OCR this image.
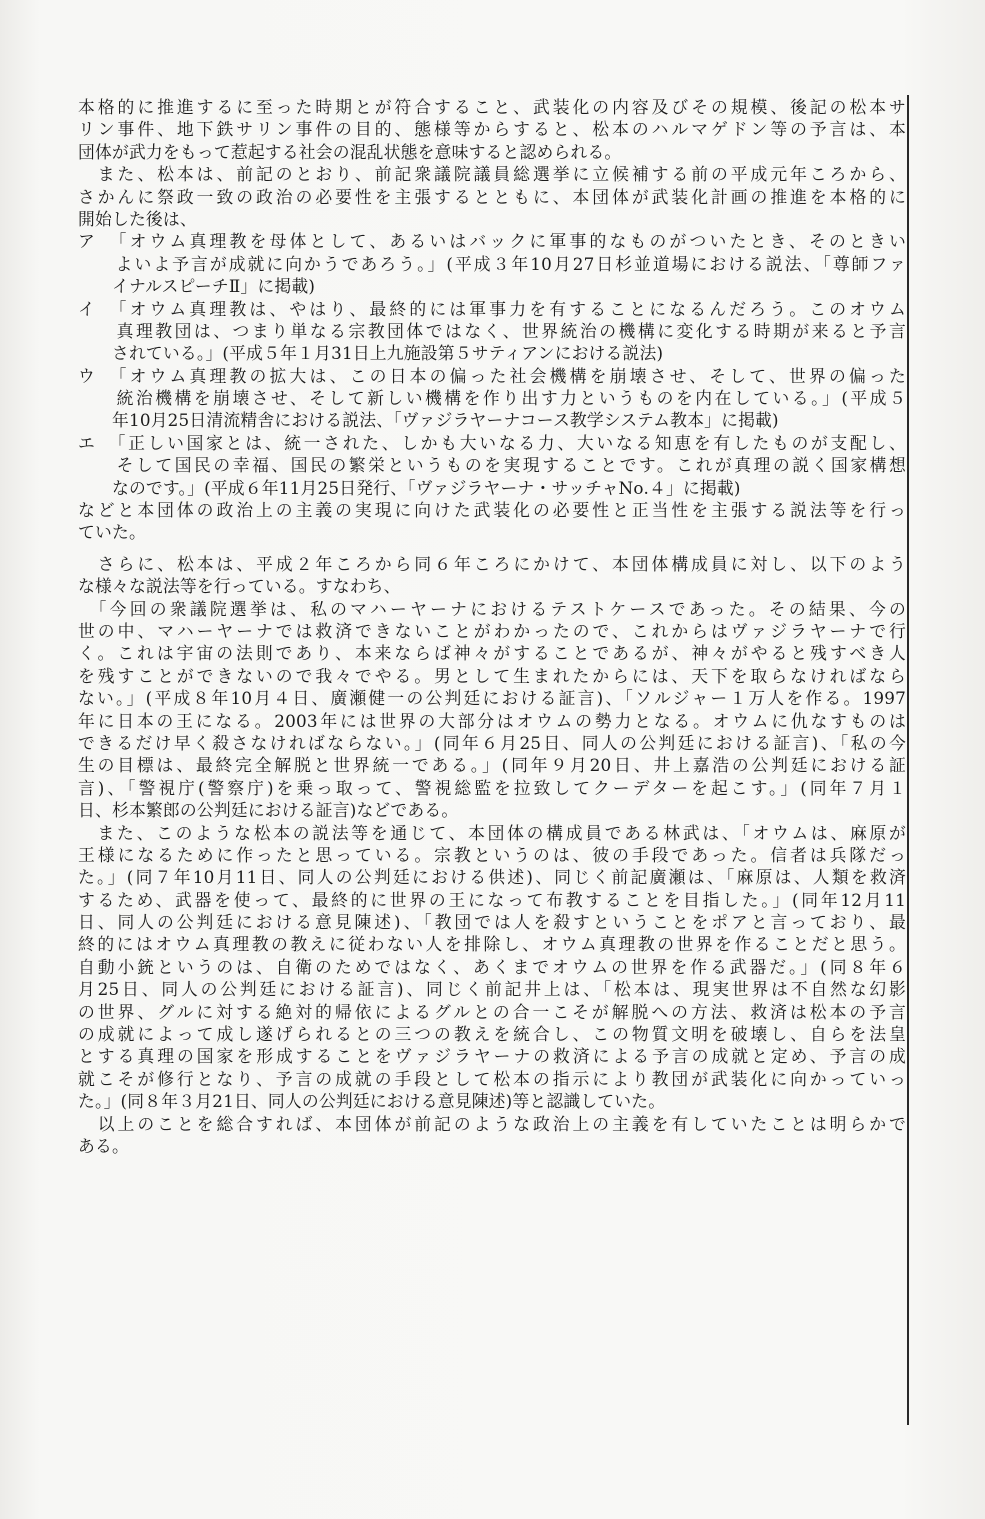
本格的に推進するに至った時期とが符合すること、武装化の内容及びその規模、後記の松本サ
リン事件、地下鉄サリン事件の目的、態様等からすると、松本のハルマゲドン等の予言は、本
団体が武力をもって惹起する社会の混乱状態を意味すると認められる。
　また、松本は、前記のとおり、前記衆議院議員総選挙に立候補する前の平成元年ころから、
さかんに祭政一致の政治の必要性を主張するとともに、本団体が武装化計画の推進を本格的に
開始した後は、
ア　「オウム真理教を母体として、あるいはバックに軍事的なものがついたとき、そのときい
　　よいよ予言が成就に向かうであろう。」(平成３年10月27日杉並道場における説法、「尊師ファ
　　イナルスピーチⅡ」に掲載)
イ　「オウム真理教は、やはり、最終的には軍事力を有することになるんだろう。このオウム
　　真理教団は、つまり単なる宗教団体ではなく、世界統治の機構に変化する時期が来ると予言
　　されている。」(平成５年１月31日上九施設第５サティアンにおける説法)
ウ　「オウム真理教の拡大は、この日本の偏った社会機構を崩壊させ、そして、世界の偏った
　　統治機構を崩壊させ、そして新しい機構を作り出す力というものを内在している。」(平成５
　　年10月25日清流精舎における説法、「ヴァジラヤーナコース教学システム教本」に掲載)
エ　「正しい国家とは、統一された、しかも大いなる力、大いなる知恵を有したものが支配し、
　　そして国民の幸福、国民の繁栄というものを実現することです。これが真理の説く国家構想
　　なのです。」(平成６年11月25日発行、「ヴァジラヤーナ・サッチャNo.４」に掲載)
などと本団体の政治上の主義の実現に向けた武装化の必要性と正当性を主張する説法等を行っ
ていた。
　さらに、松本は、平成２年ころから同６年ころにかけて、本団体構成員に対し、以下のよう
な様々な説法等を行っている。すなわち、
　「今回の衆議院選挙は、私のマハーヤーナにおけるテストケースであった。その結果、今の
世の中、マハーヤーナでは救済できないことがわかったので、これからはヴァジラヤーナで行
く。これは宇宙の法則であり、本来ならば神々がすることであるが、神々がやると残すべき人
を残すことができないので我々でやる。男として生まれたからには、天下を取らなければなら
ない。」(平成８年10月４日、廣瀬健一の公判廷における証言)、「ソルジャー１万人を作る。1997
年に日本の王になる。2003年には世界の大部分はオウムの勢力となる。オウムに仇なすものは
できるだけ早く殺さなければならない。」(同年６月25日、同人の公判廷における証言)、「私の今
生の目標は、最終完全解脱と世界統一である。」(同年９月20日、井上嘉浩の公判廷における証
言)、「警視庁(警察庁)を乗っ取って、警視総監を拉致してクーデターを起こす。」(同年７月１
日、杉本繁郎の公判廷における証言)などである。
　また、このような松本の説法等を通じて、本団体の構成員である林武は、「オウムは、麻原が
王様になるために作ったと思っている。宗教というのは、彼の手段であった。信者は兵隊だっ
た。」(同７年10月11日、同人の公判廷における供述)、同じく前記廣瀬は、「麻原は、人類を救済
するため、武器を使って、最終的に世界の王になって布教することを目指した。」(同年12月11
日、同人の公判廷における意見陳述)、「教団では人を殺すということをポアと言っており、最
終的にはオウム真理教の教えに従わない人を排除し、オウム真理教の世界を作ることだと思う。
自動小銃というのは、自衛のためではなく、あくまでオウムの世界を作る武器だ。」(同８年６
月25日、同人の公判廷における証言)、同じく前記井上は、「松本は、現実世界は不自然な幻影
の世界、グルに対する絶対的帰依によるグルとの合一こそが解脱への方法、救済は松本の予言
の成就によって成し遂げられるとの三つの教えを統合し、この物質文明を破壊し、自らを法皇
とする真理の国家を形成することをヴァジラヤーナの救済による予言の成就と定め、予言の成
就こそが修行となり、予言の成就の手段として松本の指示により教団が武装化に向かっていっ
た。」(同８年３月21日、同人の公判廷における意見陳述)等と認識していた。
　以上のことを総合すれば、本団体が前記のような政治上の主義を有していたことは明らかで
ある。
